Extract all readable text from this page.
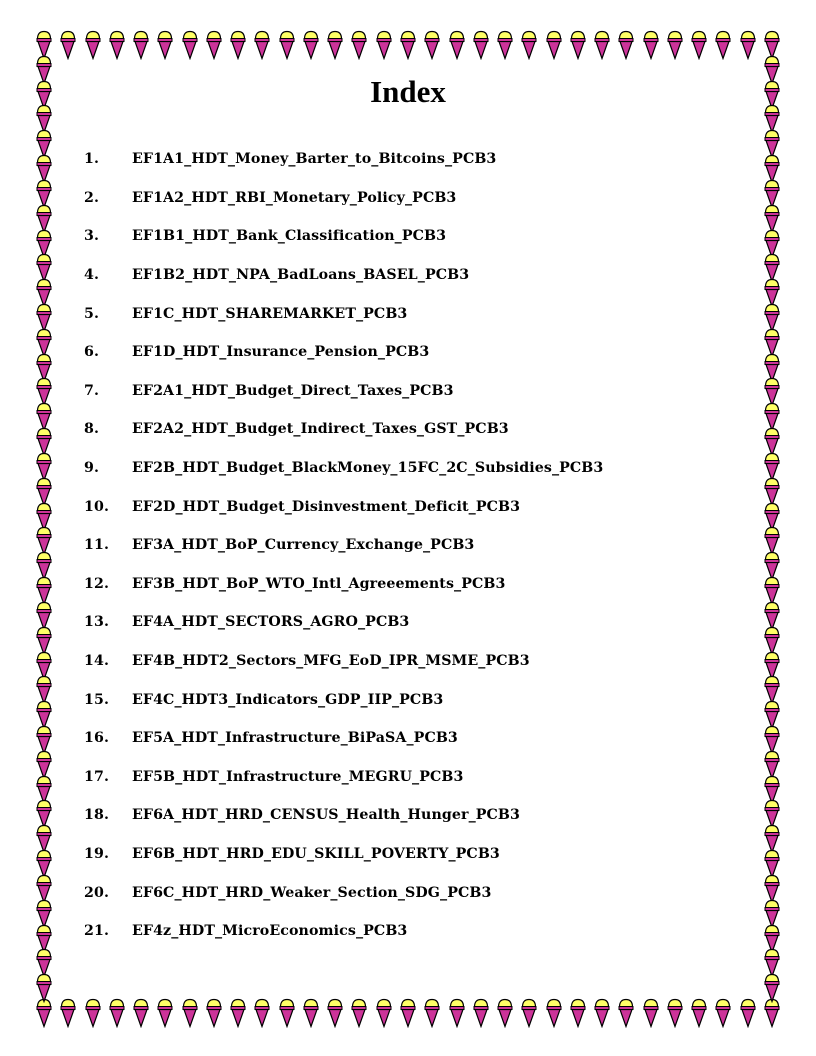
Index
1.	EF1A1_HDT_Money_Barter_to_Bitcoins_PCB3
2.	EF1A2_HDT_RBI_Monetary_Policy_PCB3
3.	EF1B1_HDT_Bank_Classification_PCB3
4.	EF1B2_HDT_NPA_BadLoans_BASEL_PCB3
5.	EF1C_HDT_SHAREMARKET_PCB3
6.	EF1D_HDT_Insurance_Pension_PCB3
7.	EF2A1_HDT_Budget_Direct_Taxes_PCB3
8.	EF2A2_HDT_Budget_Indirect_Taxes_GST_PCB3
9.	EF2B_HDT_Budget_BlackMoney_15FC_2C_Subsidies_PCB3
10.	EF2D_HDT_Budget_Disinvestment_Deficit_PCB3
11.	EF3A_HDT_BoP_Currency_Exchange_PCB3
12.	EF3B_HDT_BoP_WTO_Intl_Agreeements_PCB3
13.	EF4A_HDT_SECTORS_AGRO_PCB3
14.	EF4B_HDT2_Sectors_MFG_EoD_IPR_MSME_PCB3
15.	EF4C_HDT3_Indicators_GDP_IIP_PCB3
16.	EF5A_HDT_Infrastructure_BiPaSA_PCB3
17.	EF5B_HDT_Infrastructure_MEGRU_PCB3
18.	EF6A_HDT_HRD_CENSUS_Health_Hunger_PCB3
19.	EF6B_HDT_HRD_EDU_SKILL_POVERTY_PCB3
20.	EF6C_HDT_HRD_Weaker_Section_SDG_PCB3
21.	EF4z_HDT_MicroEconomics_PCB3
